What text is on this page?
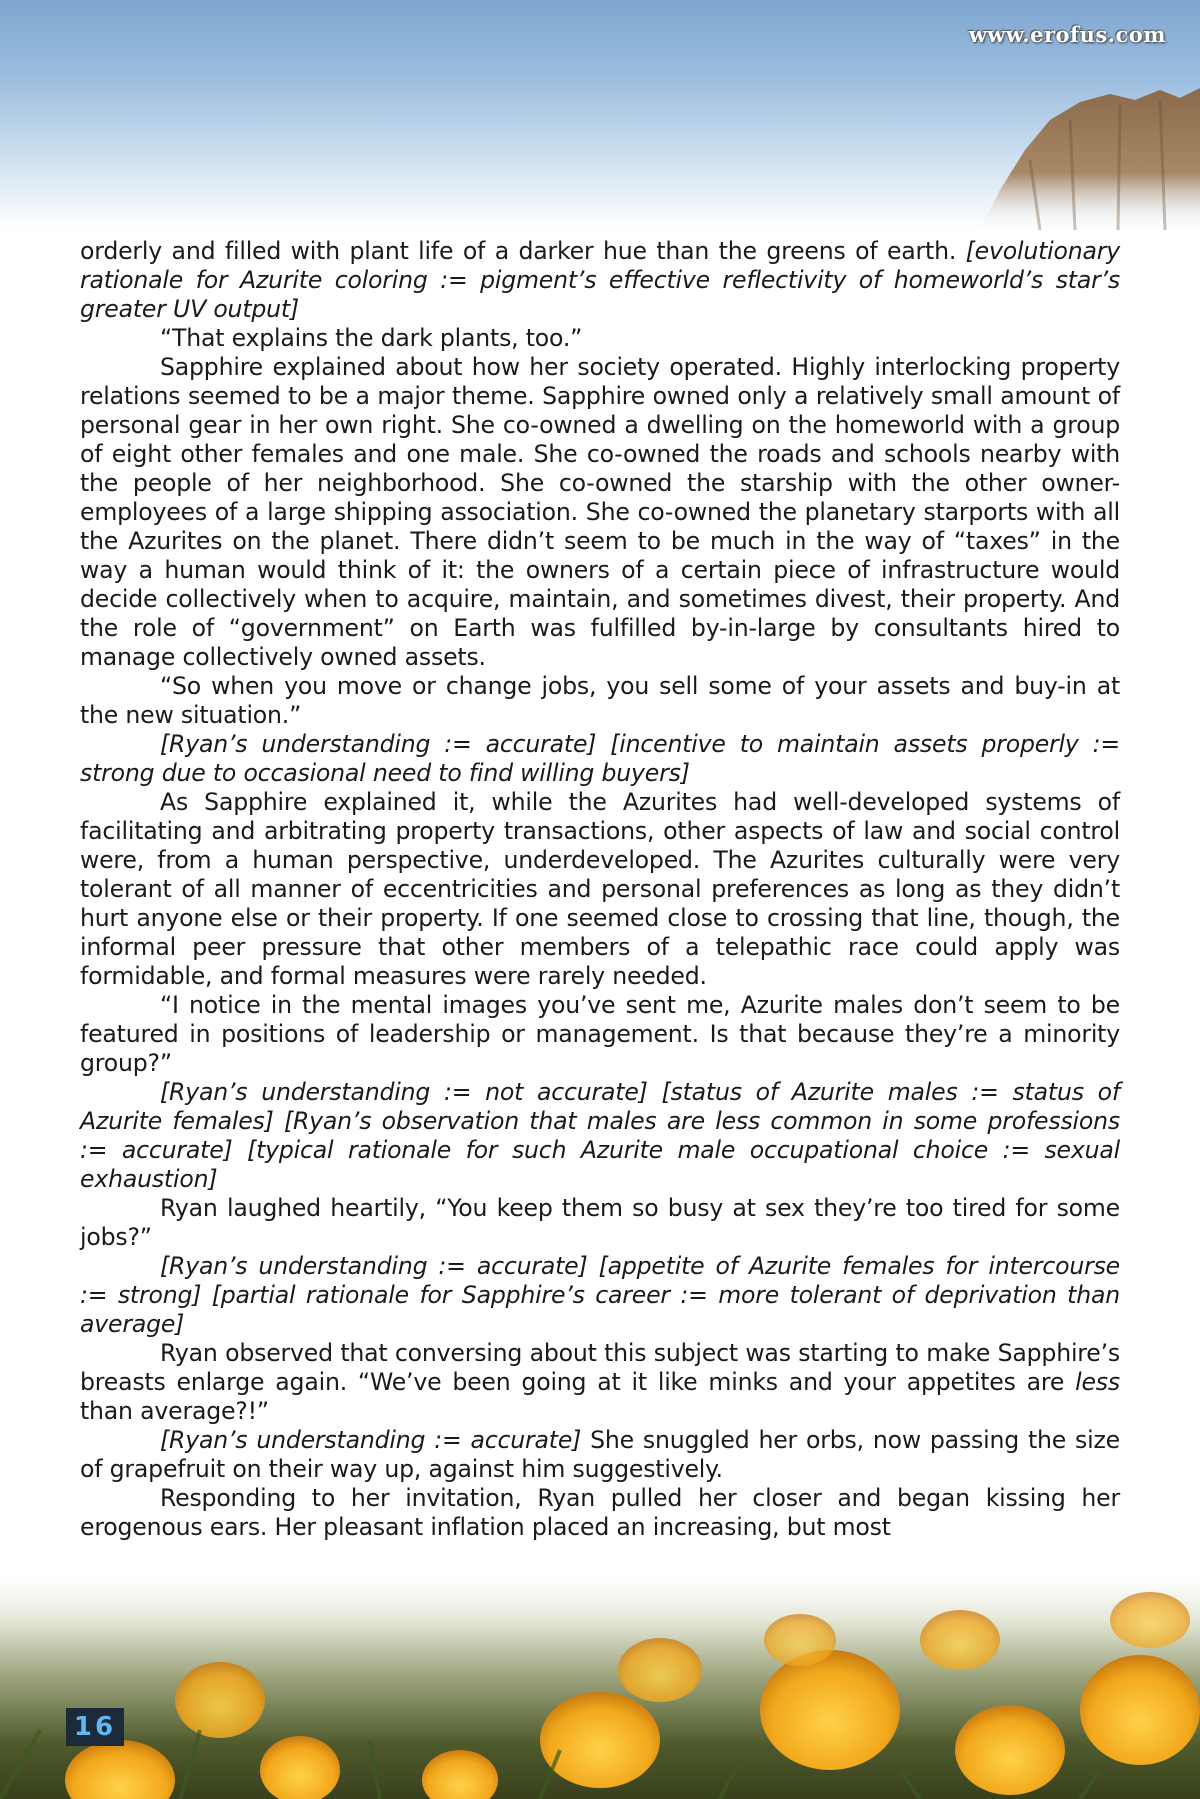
www.erofus.com

orderly and filled with plant life of a darker hue than the greens of earth. [evolutionary rationale for Azurite coloring := pigment’s effective reflectivity of homeworld’s star’s greater UV output]

“That explains the dark plants, too.”

Sapphire explained about how her society operated. Highly interlocking property relations seemed to be a major theme. Sapphire owned only a relatively small amount of personal gear in her own right. She co-owned a dwelling on the homeworld with a group of eight other females and one male. She co-owned the roads and schools nearby with the people of her neighborhood. She co-owned the starship with the other owner-employees of a large shipping association. She co-owned the planetary starports with all the Azurites on the planet. There didn’t seem to be much in the way of “taxes” in the way a human would think of it: the owners of a certain piece of infrastructure would decide collectively when to acquire, maintain, and sometimes divest, their property. And the role of “government” on Earth was fulfilled by-in-large by consultants hired to manage collectively owned assets.

“So when you move or change jobs, you sell some of your assets and buy-in at the new situation.”

[Ryan’s understanding := accurate] [incentive to maintain assets properly := strong due to occasional need to find willing buyers]

As Sapphire explained it, while the Azurites had well-developed systems of facilitating and arbitrating property transactions, other aspects of law and social control were, from a human perspective, underdeveloped. The Azurites culturally were very tolerant of all manner of eccentricities and personal preferences as long as they didn’t hurt anyone else or their property. If one seemed close to crossing that line, though, the informal peer pressure that other members of a telepathic race could apply was formidable, and formal measures were rarely needed.

“I notice in the mental images you’ve sent me, Azurite males don’t seem to be featured in positions of leadership or management. Is that because they’re a minority group?”

[Ryan’s understanding := not accurate] [status of Azurite males := status of Azurite females] [Ryan’s observation that males are less common in some professions := accurate] [typical rationale for such Azurite male occupational choice := sexual exhaustion]

Ryan laughed heartily, “You keep them so busy at sex they’re too tired for some jobs?”

[Ryan’s understanding := accurate] [appetite of Azurite females for intercourse := strong] [partial rationale for Sapphire’s career := more tolerant of deprivation than average]

Ryan observed that conversing about this subject was starting to make Sapphire’s breasts enlarge again. “We’ve been going at it like minks and your appetites are less than average?!”

[Ryan’s understanding := accurate] She snuggled her orbs, now passing the size of grapefruit on their way up, against him suggestively.

Responding to her invitation, Ryan pulled her closer and began kissing her erogenous ears. Her pleasant inflation placed an increasing, but most

16
